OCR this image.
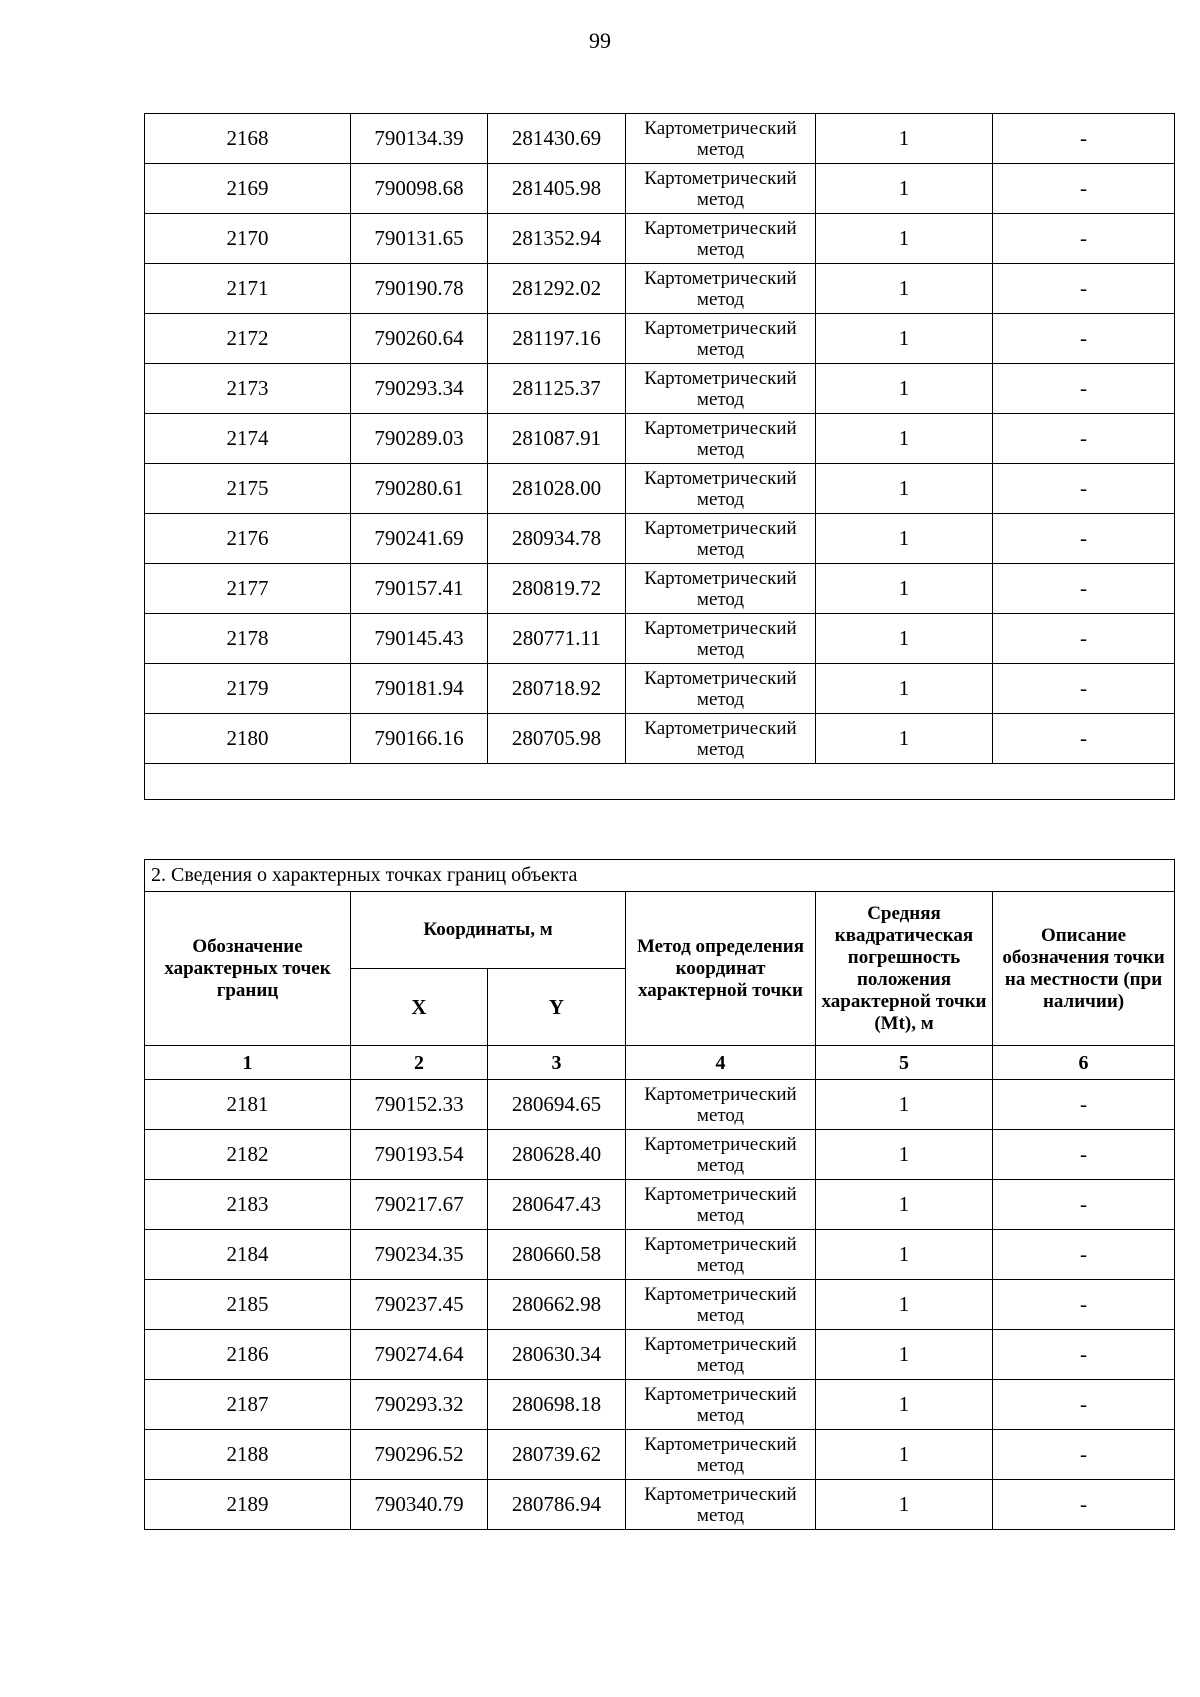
99
2168	790134.39	281430.69	Картометрический метод	1	-
2169	790098.68	281405.98	Картометрический метод	1	-
2170	790131.65	281352.94	Картометрический метод	1	-
2171	790190.78	281292.02	Картометрический метод	1	-
2172	790260.64	281197.16	Картометрический метод	1	-
2173	790293.34	281125.37	Картометрический метод	1	-
2174	790289.03	281087.91	Картометрический метод	1	-
2175	790280.61	281028.00	Картометрический метод	1	-
2176	790241.69	280934.78	Картометрический метод	1	-
2177	790157.41	280819.72	Картометрический метод	1	-
2178	790145.43	280771.11	Картометрический метод	1	-
2179	790181.94	280718.92	Картометрический метод	1	-
2180	790166.16	280705.98	Картометрический метод	1	-

2. Сведения о характерных точках границ объекта					
Обозначение характерных точек границ	Координаты, м		Метод определения координат характерной точки	Средняя квадратическая погрешность положения характерной точки (Mt), м	Описание обозначения точки на местности (при наличии)
	X	Y			
1	2	3	4	5	6
2181	790152.33	280694.65	Картометрический метод	1	-
2182	790193.54	280628.40	Картометрический метод	1	-
2183	790217.67	280647.43	Картометрический метод	1	-
2184	790234.35	280660.58	Картометрический метод	1	-
2185	790237.45	280662.98	Картометрический метод	1	-
2186	790274.64	280630.34	Картометрический метод	1	-
2187	790293.32	280698.18	Картометрический метод	1	-
2188	790296.52	280739.62	Картометрический метод	1	-
2189	790340.79	280786.94	Картометрический метод	1	-
